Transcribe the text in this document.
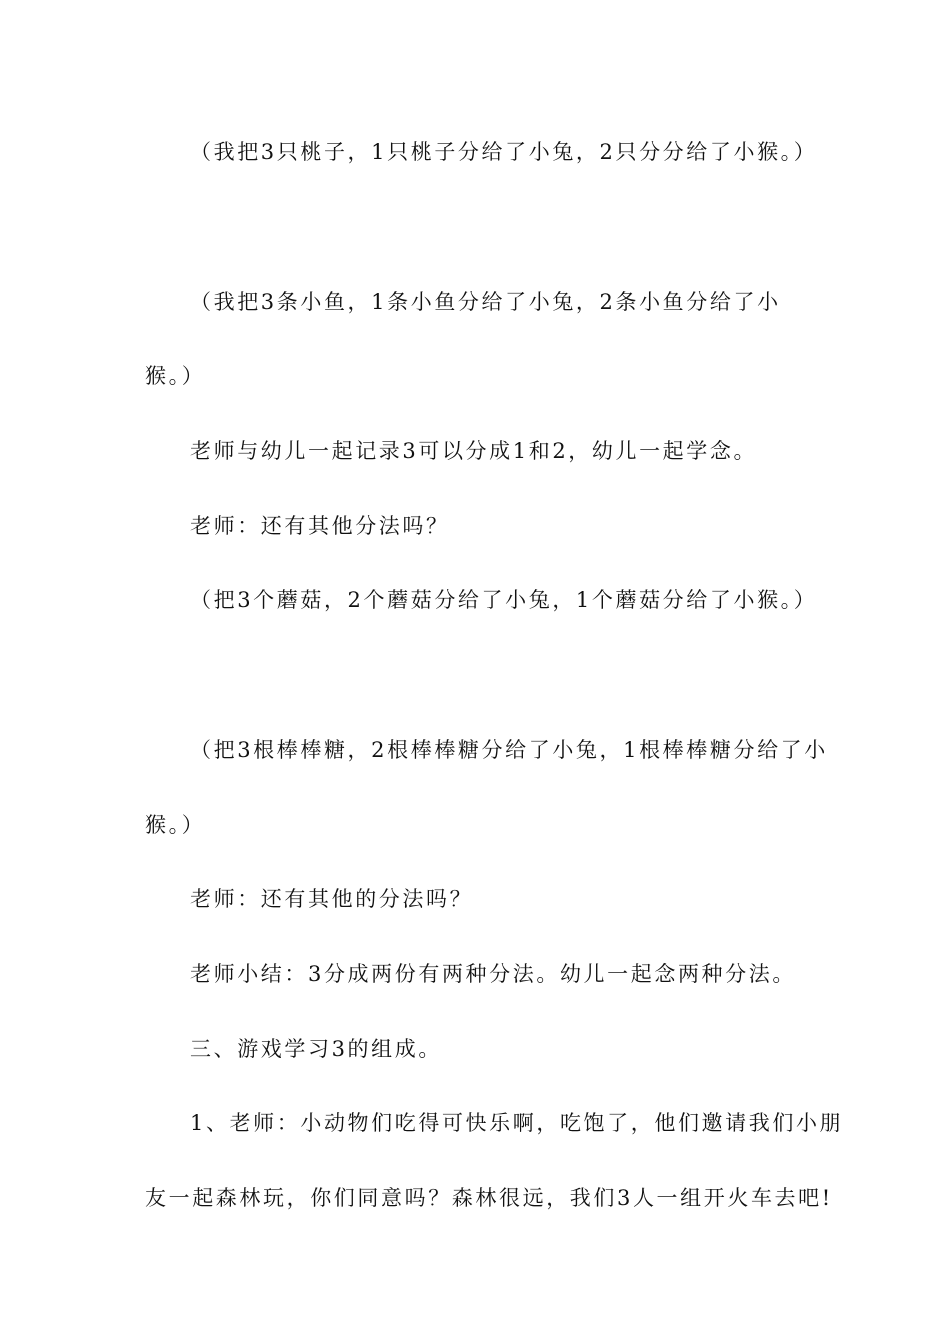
（我把3只桃子，1只桃子分给了小兔，2只分分给了小猴。）
（我把3条小鱼，1条小鱼分给了小兔，2条小鱼分给了小
猴。）
老师与幼儿一起记录3可以分成1和2，幼儿一起学念。
老师：还有其他分法吗？
（把3个蘑菇，2个蘑菇分给了小兔，1个蘑菇分给了小猴。）
（把3根棒棒糖，2根棒棒糖分给了小兔，1根棒棒糖分给了小
猴。）
老师：还有其他的分法吗？
老师小结：3分成两份有两种分法。幼儿一起念两种分法。
三、游戏学习3的组成。
1、老师：小动物们吃得可快乐啊，吃饱了，他们邀请我们小朋
友一起森林玩，你们同意吗？森林很远，我们3人一组开火车去吧!
